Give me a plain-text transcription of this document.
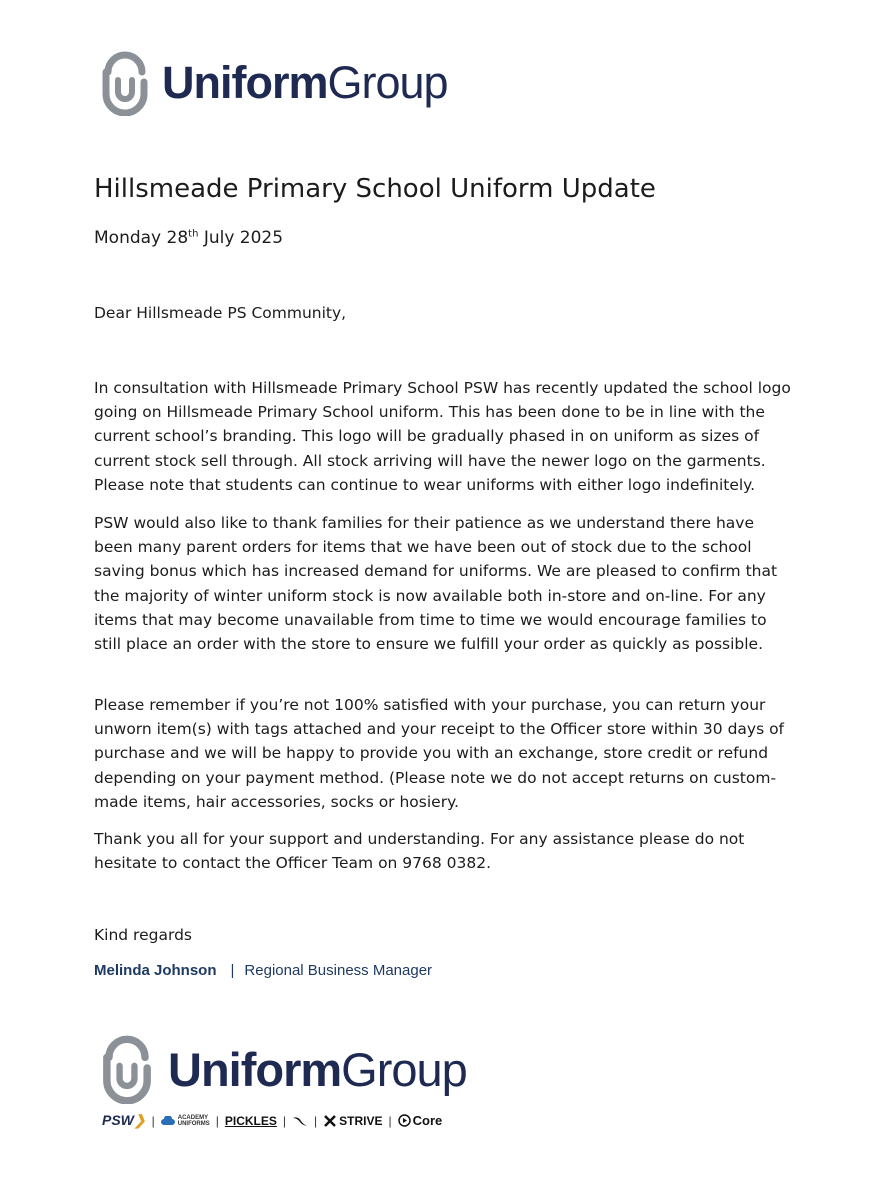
UniformGroup
Hillsmeade Primary School Uniform Update
Monday 28th July 2025
Dear Hillsmeade PS Community,
In consultation with Hillsmeade Primary School PSW has recently updated the school logo going on Hillsmeade Primary School uniform. This has been done to be in line with the current school’s branding. This logo will be gradually phased in on uniform as sizes of current stock sell through. All stock arriving will have the newer logo on the garments. Please note that students can continue to wear uniforms with either logo indefinitely.
PSW would also like to thank families for their patience as we understand there have been many parent orders for items that we have been out of stock due to the school saving bonus which has increased demand for uniforms. We are pleased to confirm that the majority of winter uniform stock is now available both in-store and on-line. For any items that may become unavailable from time to time we would encourage families to still place an order with the store to ensure we fulfill your order as quickly as possible.
Please remember if you’re not 100% satisfied with your purchase, you can return your unworn item(s) with tags attached and your receipt to the Officer store within 30 days of purchase and we will be happy to provide you with an exchange, store credit or refund depending on your payment method. (Please note we do not accept returns on custom-made items, hair accessories, socks or hosiery.
Thank you all for your support and understanding. For any assistance please do not hesitate to contact the Officer Team on 9768 0382.
Kind regards
Melinda Johnson | Regional Business Manager
UniformGroup
PSW❯ |	ACADEMY
UNIFORMS | PICKLES | | STRIVE | Core
